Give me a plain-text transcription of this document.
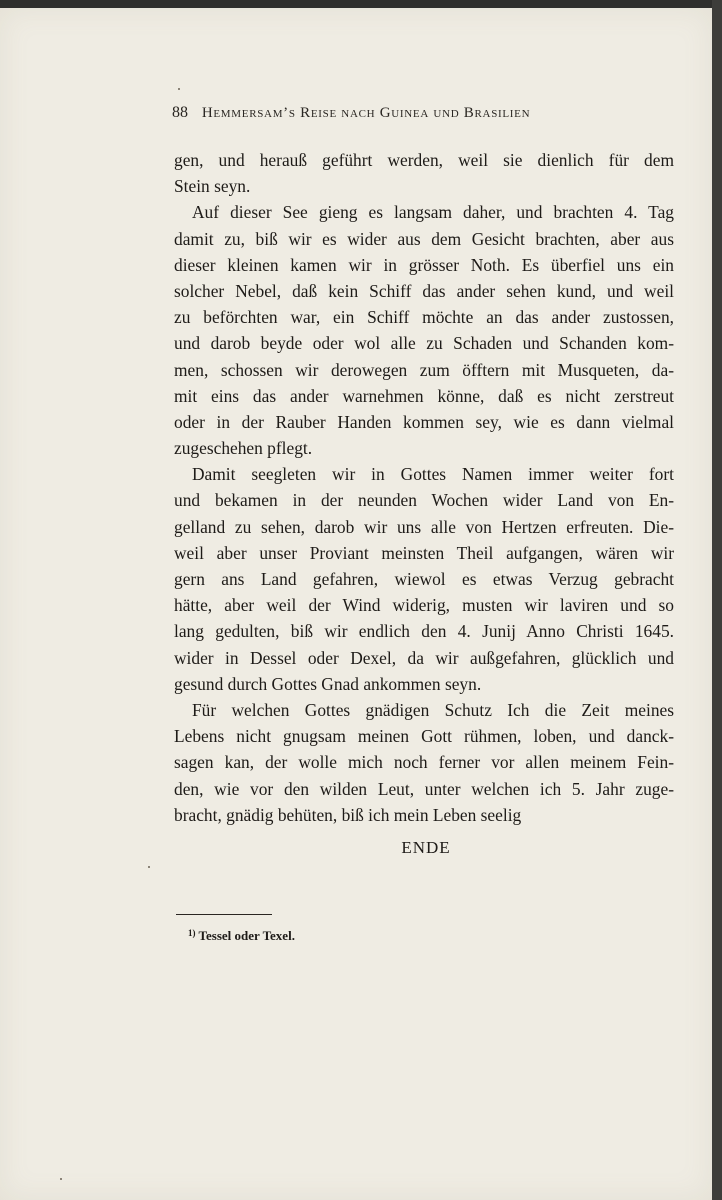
88 Hemmersam’s Reise nach Guinea und Brasilien
gen, und herauß geführt werden, weil sie dienlich für dem
Stein seyn.
Auf dieser See gieng es langsam daher, und brachten 4. Tag
damit zu, biß wir es wider aus dem Gesicht brachten, aber aus
dieser kleinen kamen wir in grösser Noth. Es überfiel uns ein
solcher Nebel, daß kein Schiff das ander sehen kund, und weil
zu beförchten war, ein Schiff möchte an das ander zustossen,
und darob beyde oder wol alle zu Schaden und Schanden kom-
men, schossen wir derowegen zum öfftern mit Musqueten, da-
mit eins das ander warnehmen könne, daß es nicht zerstreut
oder in der Rauber Handen kommen sey, wie es dann vielmal
zugeschehen pflegt.
Damit seegleten wir in Gottes Namen immer weiter fort
und bekamen in der neunden Wochen wider Land von En-
gelland zu sehen, darob wir uns alle von Hertzen erfreuten. Die-
weil aber unser Proviant meinsten Theil aufgangen, wären wir
gern ans Land gefahren, wiewol es etwas Verzug gebracht
hätte, aber weil der Wind widerig, musten wir laviren und so
lang gedulten, biß wir endlich den 4. Junij Anno Christi 1645.
wider in Dessel oder Dexel, da wir außgefahren, glücklich und
gesund durch Gottes Gnad ankommen seyn.
Für welchen Gottes gnädigen Schutz Ich die Zeit meines
Lebens nicht gnugsam meinen Gott rühmen, loben, und danck-
sagen kan, der wolle mich noch ferner vor allen meinem Fein-
den, wie vor den wilden Leut, unter welchen ich 5. Jahr zuge-
bracht, gnädig behüten, biß ich mein Leben seelig
ENDE
$^{1)}$ Tessel oder Texel.
